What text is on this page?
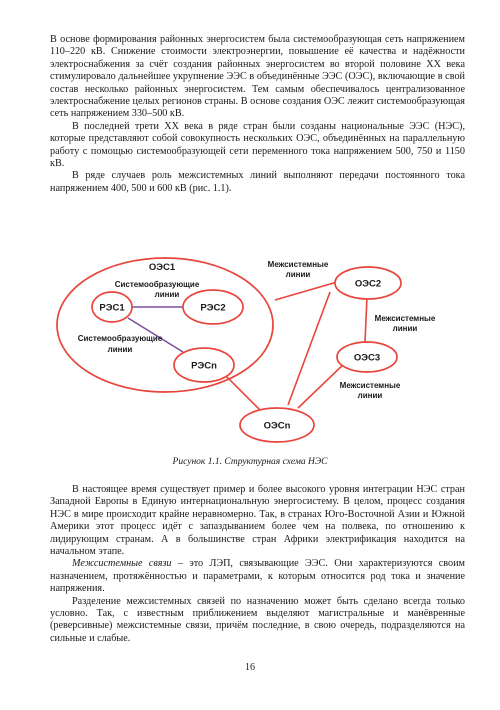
В основе формирования районных энергосистем была системообразующая сеть напряжением 110–220 кВ. Снижение стоимости электроэнергии, повышение её качества и надёжности электроснабжения за счёт создания районных энергосистем во второй половине XX века стимулировало дальнейшее укрупнение ЭЭС в объединённые ЭЭС (ОЭС), включающие в свой состав несколько районных энергосистем. Тем самым обеспечивалось централизованное электроснабжение целых регионов страны. В основе создания ОЭС лежит системообразующая сеть напряжением 330–500 кВ.

В последней трети XX века в ряде стран были созданы национальные ЭЭС (НЭС), которые представляют собой совокупность нескольких ОЭС, объединённых на параллельную работу с помощью системообразующей сети переменного тока напряжением 500, 750 и 1150 кВ.

В ряде случаев роль межсистемных линий выполняют передачи постоянного тока напряжением 400, 500 и 600 кВ (рис. 1.1).

ОЭС1
РЭС1	РЭС2
РЭСn
ОЭС2
ОЭС3
ОЭСn
Системообразующие
линии
Системообразующие
линии
Межсистемные
линии
Межсистемные
линии
Межсистемные
линии
Рисунок 1.1. Структурная схема НЭС

В настоящее время существует пример и более высокого уровня интеграции НЭС стран Западной Европы в Единую интернациональную энергосистему. В целом, процесс создания НЭС в мире происходит крайне неравномерно. Так, в странах Юго-Восточной Азии и Южной Америки этот процесс идёт с запаздыванием более чем на полвека, по отношению к лидирующим странам. А в большинстве стран Африки электрификация находится на начальном этапе.

Межсистемные связи – это ЛЭП, связывающие ЭЭС. Они характеризуются своим назначением, протяжённостью и параметрами, к которым относится род тока и значение напряжения.

Разделение межсистемных связей по назначению может быть сделано всегда только условно. Так, с известным приближением выделяют магистральные и манёвренные (реверсивные) межсистемные связи, причём последние, в свою очередь, подразделяются на сильные и слабые.

16
